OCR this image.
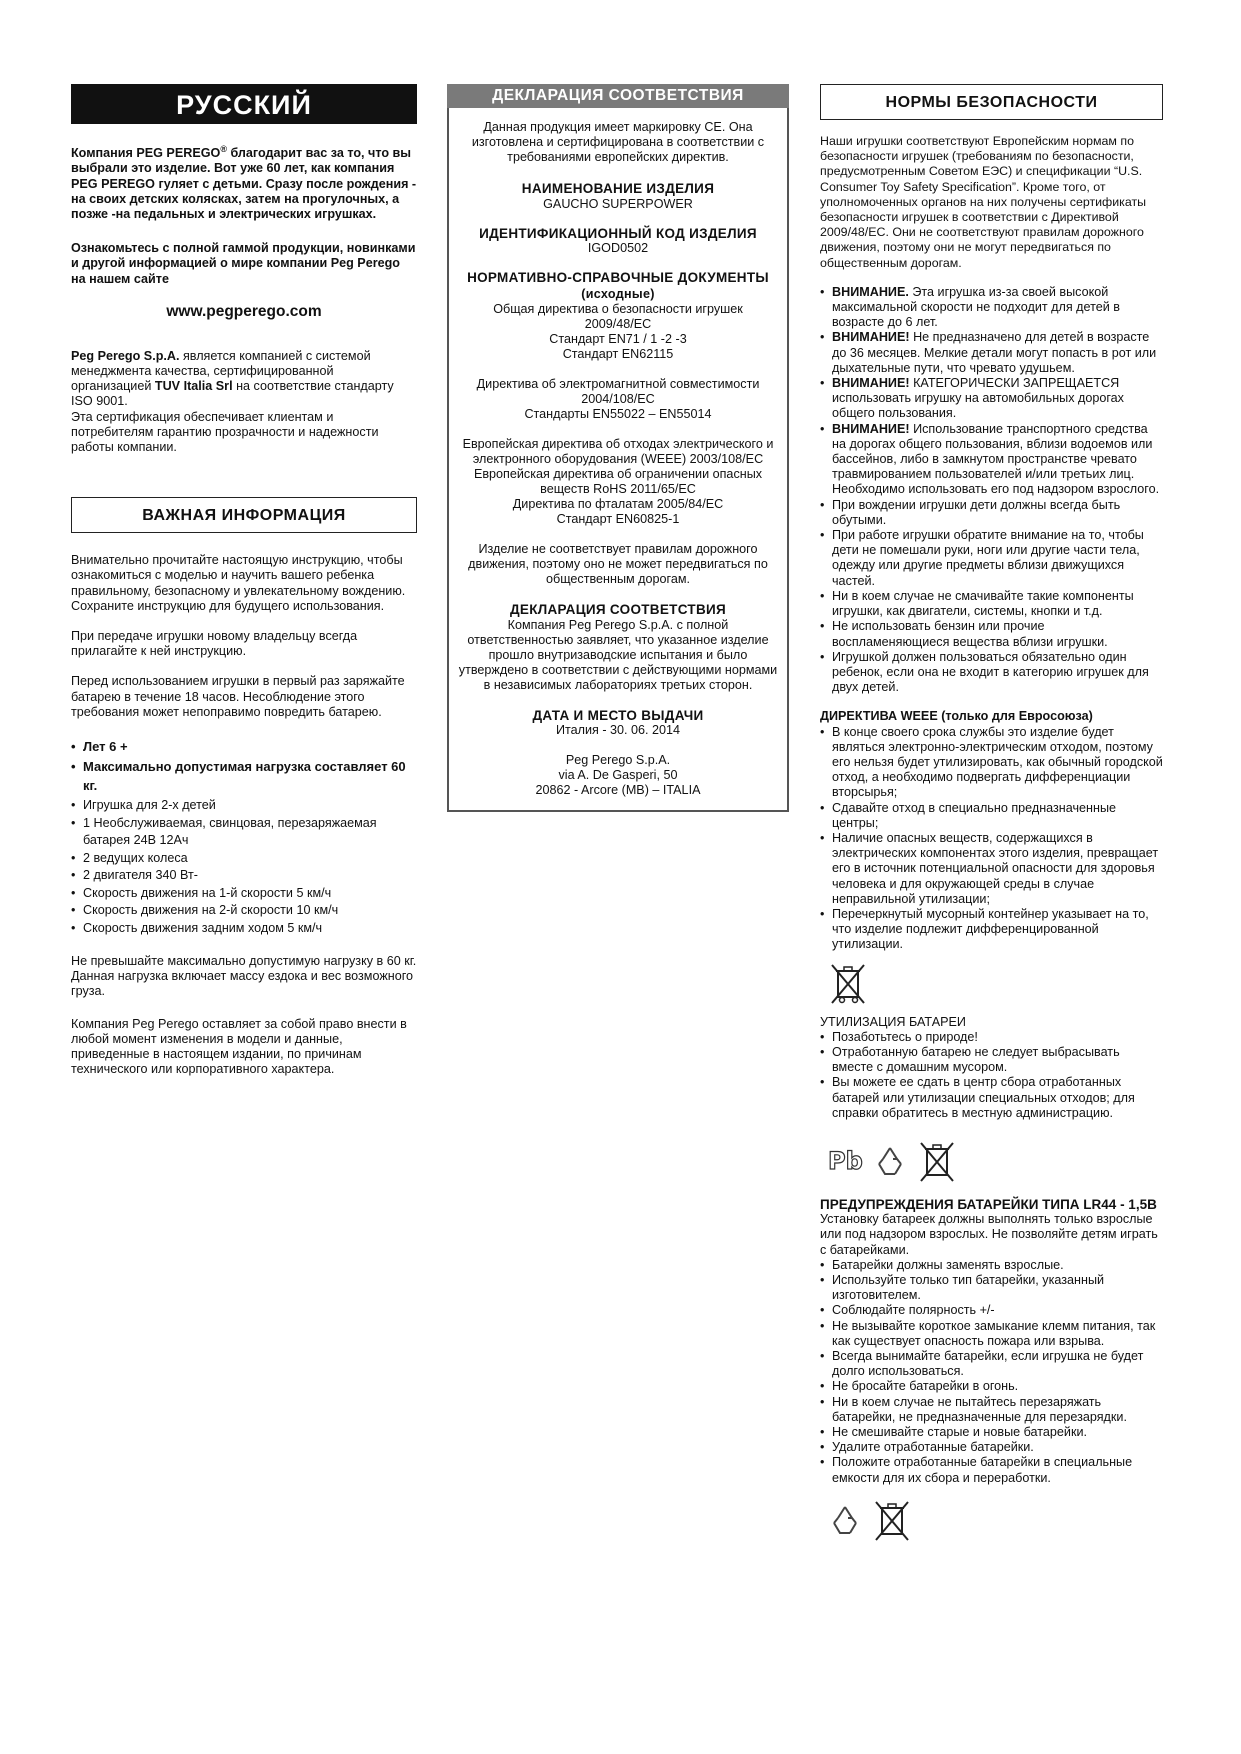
РУССКИЙ

Компания PEG PEREGO® благодарит вас за то, что вы выбрали это изделие. Вот уже 60 лет, как компания PEG PEREGO гуляет с детьми. Сразу после рождения - на своих детских колясках, затем на прогулочных, а позже -на педальных и электрических игрушках.

Ознакомьтесь с полной гаммой продукции, новинками и другой информацией о мире компании Peg Perego на нашем сайте

www.pegperego.com

Peg Perego S.p.A. является компанией с системой менеджмента качества, сертифицированной организацией TUV Italia Srl на соответствие стандарту ISO 9001.

Эта сертификация обеспечивает клиентам и потребителям гарантию прозрачности и надежности работы компании.

ВАЖНАЯ ИНФОРМАЦИЯ

Внимательно прочитайте настоящую инструкцию, чтобы ознакомиться с моделью и научить вашего ребенка правильному, безопасному и увлекательному вождению. Сохраните инструкцию для будущего использования.

При передаче игрушки новому владельцу всегда прилагайте к ней инструкцию.

Перед использованием игрушки в первый раз заряжайте батарею в течение 18 часов. Несоблюдение этого требования может непоправимо повредить батарею.

• Лет 6 +
• Максимально допустимая нагрузка составляет 60 кг.
• Игрушка для 2-х детей
• 1 Необслуживаемая, свинцовая, перезаряжаемая батарея 24В 12Ач
• 2 ведущих колеса
• 2 двигателя 340 Вт-
• Скорость движения на 1-й скорости 5 км/ч
• Скорость движения на 2-й скорости 10 км/ч
• Скорость движения задним ходом 5 км/ч

Не превышайте максимально допустимую нагрузку в 60 кг. Данная нагрузка включает массу ездока и вес возможного груза.

Компания Peg Perego оставляет за собой право внести в любой момент изменения в модели и данные, приведенные в настоящем издании, по причинам технического или корпоративного характера.

ДЕКЛАРАЦИЯ СООТВЕТСТВИЯ

Данная продукция имеет маркировку СЕ. Она изготовлена и сертифицирована в соответствии с требованиями европейских директив.

НАИМЕНОВАНИЕ ИЗДЕЛИЯ

GAUCHO SUPERPOWER

ИДЕНТИФИКАЦИОННЫЙ КОД ИЗДЕЛИЯ

IGOD0502

НОРМАТИВНО-СПРАВОЧНЫЕ ДОКУМЕНТЫ (исходные)

Общая директива о безопасности игрушек

2009/48/ЕС

Стандарт EN71 / 1 -2 -3

Стандарт EN62115

Директива об электромагнитной совместимости

2004/108/ЕС

Стандарты EN55022 – EN55014

Европейская директива об отходах электрического и электронного оборудования (WEEE) 2003/108/ЕС

Европейская директива об ограничении опасных веществ RoHS 2011/65/ЕС

Директива по фталатам 2005/84/ЕС

Стандарт EN60825-1

Изделие не соответствует правилам дорожного движения, поэтому оно не может передвигаться по общественным дорогам.

ДЕКЛАРАЦИЯ СООТВЕТСТВИЯ

Компания Peg Perego S.p.A. с полной ответственностью заявляет, что указанное изделие прошло внутризаводские испытания и было утверждено в соответствии с действующими нормами в независимых лабораториях третьих сторон.

ДАТА И МЕСТО ВЫДАЧИ

Италия - 30. 06. 2014

Peg Perego S.p.A.

via A. De Gasperi, 50

20862 - Arcore (MB) – ITALIA

НОРМЫ БЕЗОПАСНОСТИ

Наши игрушки соответствуют Европейским нормам по безопасности игрушек (требованиям по безопасности, предусмотренным Советом ЕЭС) и спецификации “U.S. Consumer Toy Safety Specification”. Кроме того, от уполномоченных органов на них получены сертификаты безопасности игрушек в соответствии с Директивой 2009/48/ЕС. Они не соответствуют правилам дорожного движения, поэтому они не могут передвигаться по общественным дорогам.

• ВНИМАНИЕ. Эта игрушка из-за своей высокой максимальной скорости не подходит для детей в возрасте до 6 лет.
• ВНИМАНИЕ! Не предназначено для детей в возрасте до 36 месяцев. Мелкие детали могут попасть в рот или дыхательные пути, что чревато удушьем.
• ВНИМАНИЕ! КАТЕГОРИЧЕСКИ ЗАПРЕЩАЕТСЯ использовать игрушку на автомобильных дорогах общего пользования.
• ВНИМАНИЕ! Использование транспортного средства на дорогах общего пользования, вблизи водоемов или бассейнов, либо в замкнутом пространстве чревато травмированием пользователей и/или третьих лиц. Необходимо использовать его под надзором взрослого.
• При вождении игрушки дети должны всегда быть обутыми.
• При работе игрушки обратите внимание на то, чтобы дети не помешали руки, ноги или другие части тела, одежду или другие предметы вблизи движущихся частей.
• Ни в коем случае не смачивайте такие компоненты игрушки, как двигатели, системы, кнопки и т.д.
• Не использовать бензин или прочие воспламеняющиеся вещества вблизи игрушки.
• Игрушкой должен пользоваться обязательно один ребенок, если она не входит в категорию игрушек для двух детей.

ДИРЕКТИВА WEEE (только для Евросоюза)

• В конце своего срока службы это изделие будет являться электронно-электрическим отходом, поэтому его нельзя будет утилизировать, как обычный городской отход, а необходимо подвергать дифференциации вторсырья;
• Сдавайте отход в специально предназначенные центры;
• Наличие опасных веществ, содержащихся в электрических компонентах этого изделия, превращает его в источник потенциальной опасности для здоровья человека и для окружающей среды в случае неправильной утилизации;
• Перечеркнутый мусорный контейнер указывает на то, что изделие подлежит дифференцированной утилизации.

УТИЛИЗАЦИЯ БАТАРЕИ

• Позаботьтесь о природе!
• Отработанную батарею не следует выбрасывать вместе с домашним мусором.
• Вы можете ее сдать в центр сбора отработанных батарей или утилизации специальных отходов; для справки обратитесь в местную администрацию.
Pb

ПРЕДУПРЕЖДЕНИЯ БАТАРЕЙКИ ТИПА LR44 - 1,5В

Установку батареек должны выполнять только взрослые или под надзором взрослых. Не позволяйте детям играть с батарейками.

• Батарейки должны заменять взрослые.
• Используйте только тип батарейки, указанный изготовителем.
• Соблюдайте полярность +/-
• Не вызывайте короткое замыкание клемм питания, так как существует опасность пожара или взрыва.
• Всегда вынимайте батарейки, если игрушка не будет долго использоваться.
• Не бросайте батарейки в огонь.
• Ни в коем случае не пытайтесь перезаряжать батарейки, не предназначенные для перезарядки.
• Не смешивайте старые и новые батарейки.
• Удалите отработанные батарейки.
• Положите отработанные батарейки в специальные емкости для их сбора и переработки.
